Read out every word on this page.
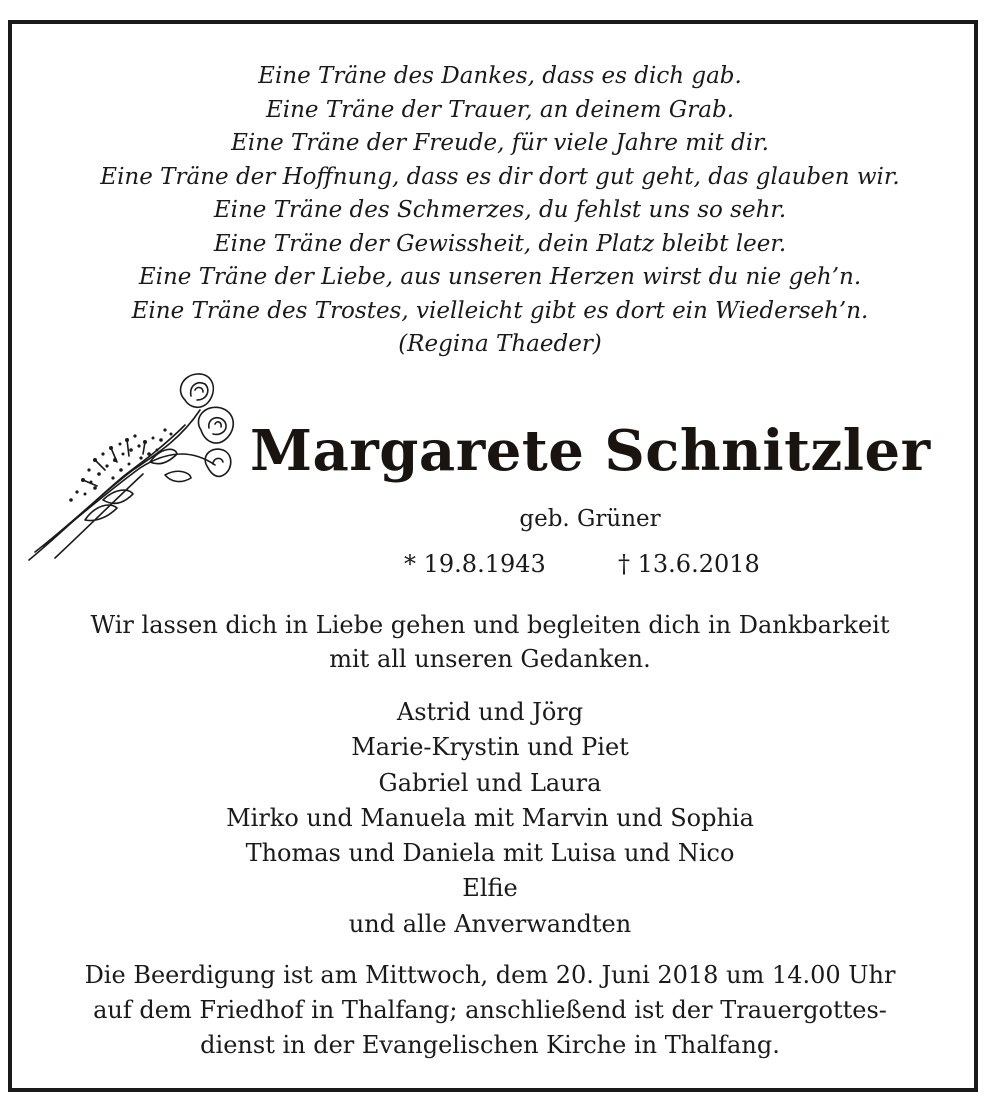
Eine Träne des Dankes, dass es dich gab.
Eine Träne der Trauer, an deinem Grab.
Eine Träne der Freude, für viele Jahre mit dir.
Eine Träne der Hoffnung, dass es dir dort gut geht, das glauben wir.
Eine Träne des Schmerzes, du fehlst uns so sehr.
Eine Träne der Gewissheit, dein Platz bleibt leer.
Eine Träne der Liebe, aus unseren Herzen wirst du nie geh’n.
Eine Träne des Trostes, vielleicht gibt es dort ein Wiederseh’n.
(Regina Thaeder)
Margarete Schnitzler
geb. Grüner
* 19.8.1943	† 13.6.2018
Wir lassen dich in Liebe gehen und begleiten dich in Dankbarkeit
mit all unseren Gedanken.
Astrid und Jörg
Marie-Krystin und Piet
Gabriel und Laura
Mirko und Manuela mit Marvin und Sophia
Thomas und Daniela mit Luisa und Nico
Elfie
und alle Anverwandten
Die Beerdigung ist am Mittwoch, dem 20. Juni 2018 um 14.00 Uhr
auf dem Friedhof in Thalfang; anschließend ist der Trauergottes-
dienst in der Evangelischen Kirche in Thalfang.
